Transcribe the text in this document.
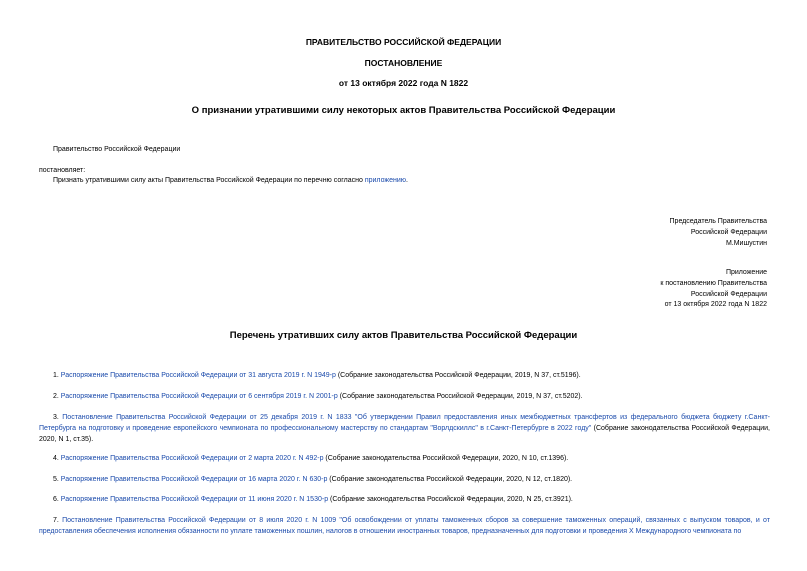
ПРАВИТЕЛЬСТВО РОССИЙСКОЙ ФЕДЕРАЦИИ
ПОСТАНОВЛЕНИЕ
от 13 октября 2022 года N 1822
О признании утратившими силу некоторых актов Правительства Российской Федерации
Правительство Российской Федерации
постановляет:
Признать утратившими силу акты Правительства Российской Федерации по перечню согласно приложению.
Председатель Правительства
Российской Федерации
М.Мишустин
Приложение
к постановлению Правительства
Российской Федерации
от 13 октября 2022 года N 1822
Перечень утративших силу актов Правительства Российской Федерации
1. Распоряжение Правительства Российской Федерации от 31 августа 2019 г. N 1949-р (Собрание законодательства Российской Федерации, 2019, N 37, ст.5196).
2. Распоряжение Правительства Российской Федерации от 6 сентября 2019 г. N 2001-р (Собрание законодательства Российской Федерации, 2019, N 37, ст.5202).
3. Постановление Правительства Российской Федерации от 25 декабря 2019 г. N 1833 "Об утверждении Правил предоставления иных межбюджетных трансфертов из федерального бюджета бюджету г.Санкт-Петербурга на подготовку и проведение европейского чемпионата по профессиональному мастерству по стандартам "Ворлдскиллс" в г.Санкт-Петербурге в 2022 году" (Собрание законодательства Российской Федерации, 2020, N 1, ст.35).
4. Распоряжение Правительства Российской Федерации от 2 марта 2020 г. N 492-р (Собрание законодательства Российской Федерации, 2020, N 10, ст.1396).
5. Распоряжение Правительства Российской Федерации от 16 марта 2020 г. N 630-р (Собрание законодательства Российской Федерации, 2020, N 12, ст.1820).
6. Распоряжение Правительства Российской Федерации от 11 июня 2020 г. N 1530-р (Собрание законодательства Российской Федерации, 2020, N 25, ст.3921).
7. Постановление Правительства Российской Федерации от 8 июля 2020 г. N 1009 "Об освобождении от уплаты таможенных сборов за совершение таможенных операций, связанных с выпуском товаров, и от предоставления обеспечения исполнения обязанности по уплате таможенных пошлин, налогов в отношении иностранных товаров, предназначенных для подготовки и проведения X Международного чемпионата по
